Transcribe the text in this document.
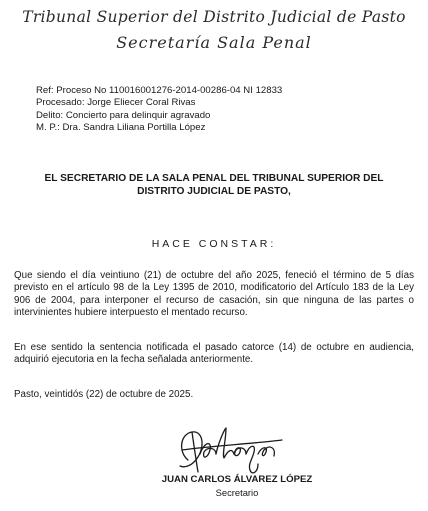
Tribunal Superior del Distrito Judicial de Pasto

Secretaría Sala Penal

Ref: Proceso No 110016001276-2014-00286-04 NI 12833
Procesado: Jorge Eliecer Coral Rivas
Delito: Concierto para delinquir agravado
M. P.: Dra. Sandra Liliana Portilla López
EL SECRETARIO DE LA SALA PENAL DEL TRIBUNAL SUPERIOR DEL
DISTRITO JUDICIAL DE PASTO,
HACE CONSTAR:

Que siendo el día veintiuno (21) de octubre del año 2025, feneció el término de 5 días previsto en el artículo 98 de la Ley 1395 de 2010, modificatorio del Artículo 183 de la Ley 906 de 2004, para interponer el recurso de casación, sin que ninguna de las partes o intervinientes hubiere interpuesto el mentado recurso.

En ese sentido la sentencia notificada el pasado catorce (14) de octubre en audiencia, adquirió ejecutoria en la fecha señalada anteriormente.

Pasto, veintidós (22) de octubre de 2025.

JUAN CARLOS ÁLVAREZ LÓPEZ
Secretario
